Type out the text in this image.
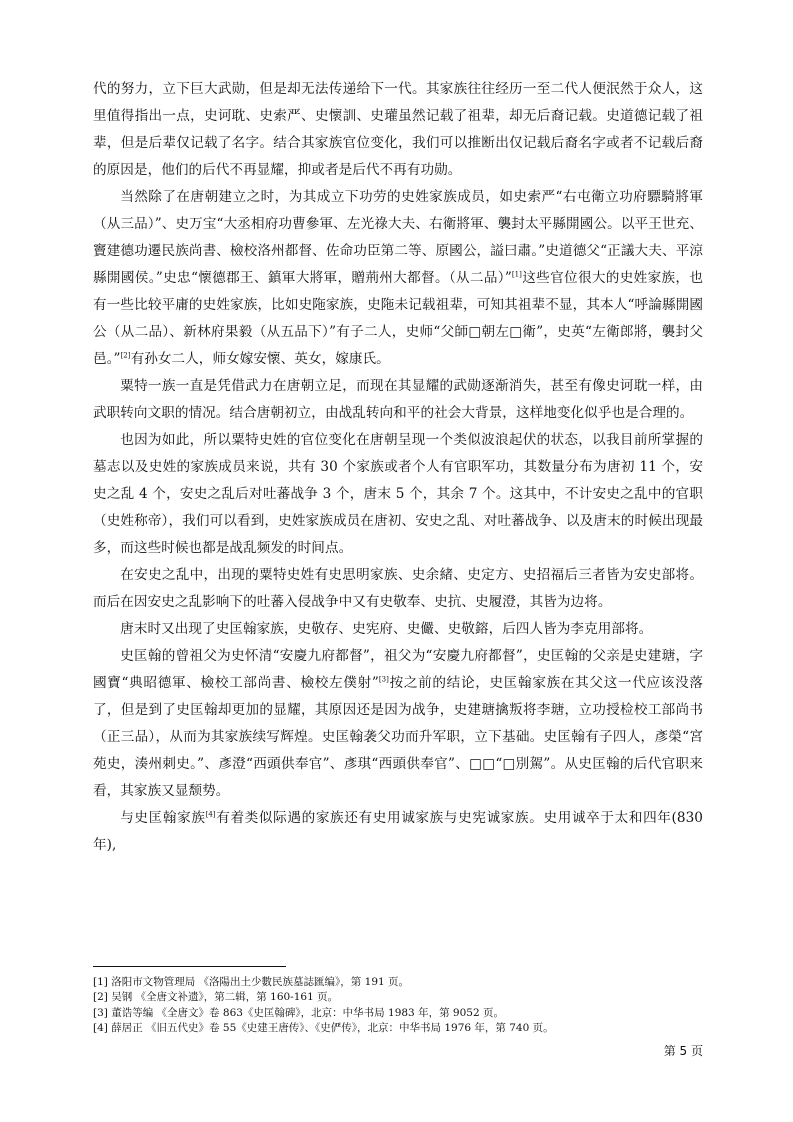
代的努力，立下巨大武勋，但是却无法传递给下一代。其家族往往经历一至二代人便泯然于众人，这里值得指出一点，史诃耽、史索严、史懷訓、史瓘虽然记载了祖辈，却无后裔记载。史道德记载了祖辈，但是后辈仅记载了名字。结合其家族官位变化，我们可以推断出仅记载后裔名字或者不记载后裔的原因是，他们的后代不再显耀，抑或者是后代不再有功勋。

当然除了在唐朝建立之时，为其成立下功劳的史姓家族成员，如史索严“右屯衛立功府驃騎將軍（从三品）”、史万宝“大丞相府功曹參軍、左光祿大夫、右衛將軍、襲封太平縣開國公。以平王世充、竇建德功遷民族尚書、檢校洛州都督、佐命功臣第二等、原國公，謚曰肅。”史道德父“正議大夫、平涼縣開國侯。”史忠“懷德郡王、鎮軍大將軍，贈荊州大都督。（从二品）”[1]这些官位很大的史姓家族，也有一些比较平庸的史姓家族，比如史陁家族，史陁未记载祖辈，可知其祖辈不显，其本人“呼論縣開國公（从二品）、新林府果毅（从五品下）”有子二人，史师“父師□朝左□衛”，史英“左衛郎將，襲封父邑。”[2]有孙女二人，师女嫁安懷、英女，嫁康氏。

粟特一族一直是凭借武力在唐朝立足，而现在其显耀的武勋逐渐消失，甚至有像史诃耽一样，由武职转向文职的情况。结合唐朝初立，由战乱转向和平的社会大背景，这样地变化似乎也是合理的。

也因为如此，所以粟特史姓的官位变化在唐朝呈现一个类似波浪起伏的状态，以我目前所掌握的墓志以及史姓的家族成员来说，共有 30 个家族或者个人有官职军功，其数量分布为唐初 11 个，安史之乱 4 个，安史之乱后对吐蕃战争 3 个，唐末 5 个，其余 7 个。这其中，不计安史之乱中的官职（史姓称帝），我们可以看到，史姓家族成员在唐初、安史之乱、对吐蕃战争、以及唐末的时候出现最多，而这些时候也都是战乱频发的时间点。

在安史之乱中，出现的粟特史姓有史思明家族、史余緒、史定方、史招福后三者皆为安史部将。而后在因安史之乱影响下的吐蕃入侵战争中又有史敬奉、史抗、史履澄，其皆为边将。

唐末时又出现了史匡翰家族，史敬存、史宪府、史儼、史敬鎔，后四人皆为李克用部将。

史匡翰的曾祖父为史怀清“安慶九府都督”，祖父为“安慶九府都督”，史匡翰的父亲是史建瑭，字國寶“典昭德軍、檢校工部尚書、檢校左僕射”[3]按之前的结论，史匡翰家族在其父这一代应该没落了，但是到了史匡翰却更加的显耀，其原因还是因为战争，史建瑭擒叛将李瑭，立功授检校工部尚书（正三品），从而为其家族续写辉煌。史匡翰袭父功而升军职，立下基础。史匡翰有子四人，彥榮“宮苑史，湊州刺史。”、彥澄“西頭供奉官”、彥琪“西頭供奉官”、□□“□別駕”。从史匡翰的后代官职来看，其家族又显颓势。

与史匡翰家族[4]有着类似际遇的家族还有史用诚家族与史宪诚家族。史用诚卒于太和四年(830 年),

[1] 洛阳市文物管理局 《洛陽出土少數民族墓誌匯编》，第 191 页。
[2] 吴钢 《全唐文补遗》，第二辑，第 160-161 页。
[3] 董诰等编 《全唐文》卷 863《史匡翰碑》，北京：中华书局 1983 年，第 9052 页。
[4] 薛居正 《旧五代史》卷 55《史建王唐传》、《史俨传》，北京：中华书局 1976 年，第 740 页。
第 5 页
